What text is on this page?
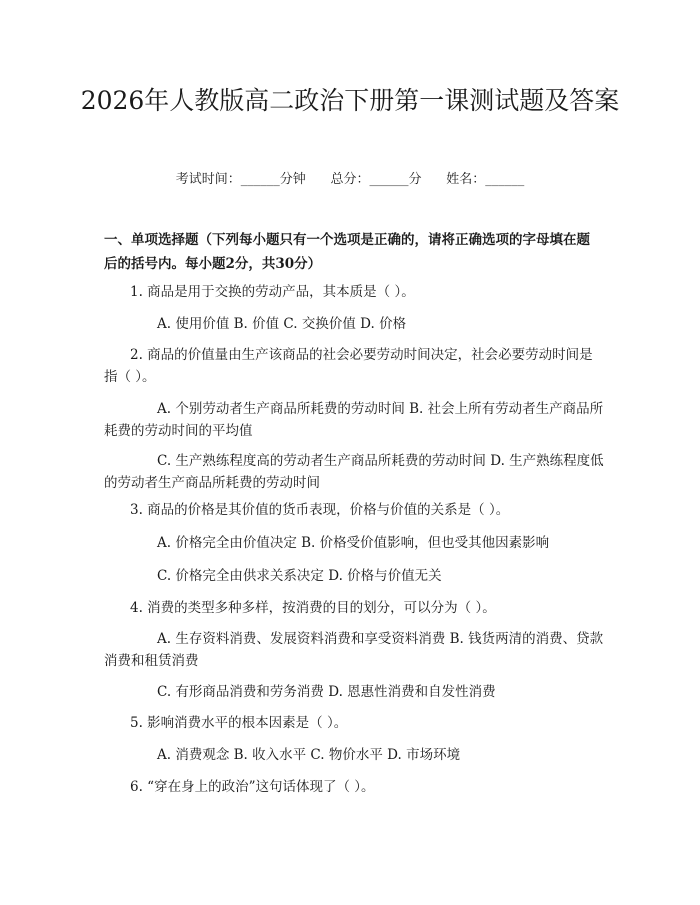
2026年人教版高二政治下册第一课测试题及答案
考试时间：______分钟      总分：______分      姓名：______
一、单项选择题（下列每小题只有一个选项是正确的，请将正确选项的字母填在题后的括号内。每小题2分，共30分）
1. 商品是用于交换的劳动产品，其本质是（ ）。
A. 使用价值 B. 价值 C. 交换价值 D. 价格
2. 商品的价值量由生产该商品的社会必要劳动时间决定，社会必要劳动时间是指（ ）。
A. 个别劳动者生产商品所耗费的劳动时间 B. 社会上所有劳动者生产商品所耗费的劳动时间的平均值
C. 生产熟练程度高的劳动者生产商品所耗费的劳动时间 D. 生产熟练程度低的劳动者生产商品所耗费的劳动时间
3. 商品的价格是其价值的货币表现，价格与价值的关系是（ ）。
A. 价格完全由价值决定 B. 价格受价值影响，但也受其他因素影响
C. 价格完全由供求关系决定 D. 价格与价值无关
4. 消费的类型多种多样，按消费的目的划分，可以分为（ ）。
A. 生存资料消费、发展资料消费和享受资料消费 B. 钱货两清的消费、贷款消费和租赁消费
C. 有形商品消费和劳务消费 D. 恩惠性消费和自发性消费
5. 影响消费水平的根本因素是（ ）。
A. 消费观念 B. 收入水平 C. 物价水平 D. 市场环境
6. “穿在身上的政治”这句话体现了（ ）。
